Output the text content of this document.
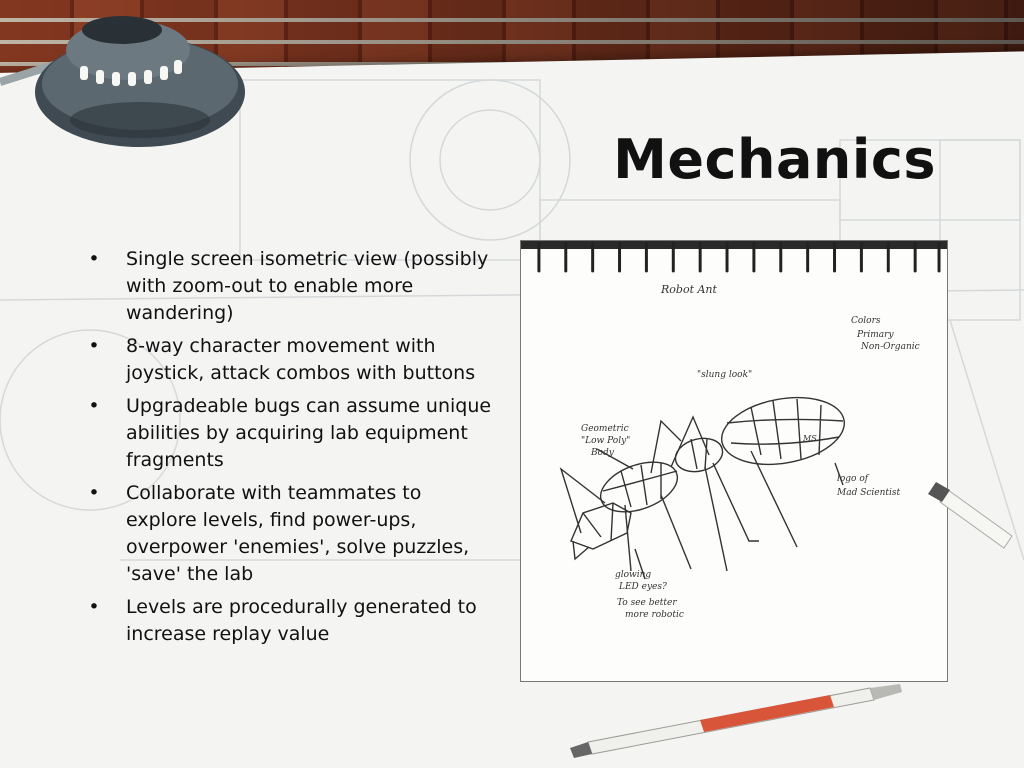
Mechanics
• Single screen isometric view (possibly with zoom-out to enable more wandering)
• 8-way character movement with joystick, attack combos with buttons
• Upgradeable bugs can assume unique abilities by acquiring lab equipment fragments
• Collaborate with teammates to explore levels, find power-ups, overpower 'enemies', solve puzzles, 'save' the lab
• Levels are procedurally generated to increase replay value
Robot Ant
Colors
Primary
Non-Organic
"slung look"
Geometric
"Low Poly"
Body
logo of
Mad Scientist
MS
glowing
LED eyes?
To see better
more robotic
